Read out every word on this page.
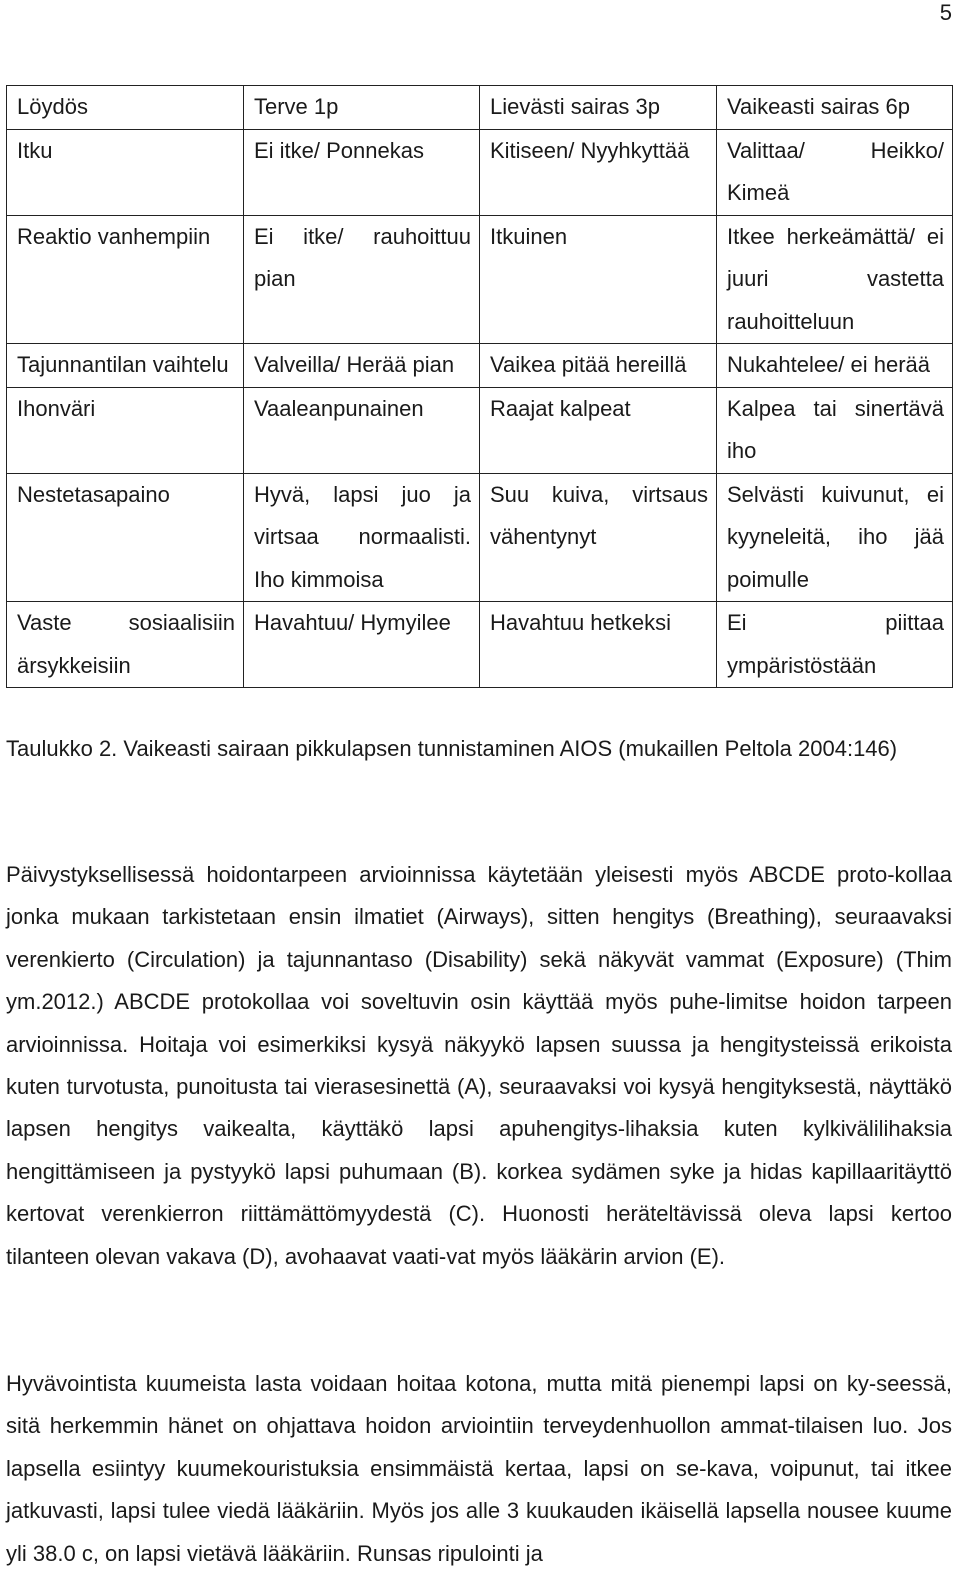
5
Löydös	Terve 1p	Lievästi sairas 3p	Vaikeasti sairas 6p
Itku	Ei itke/ Ponnekas	Kitiseen/ Nyyhkyttää	Valittaa/ Heikko/ Kimeä
Reaktio vanhempiin	Ei itke/ rauhoittuu pian	Itkuinen	Itkee herkeämättä/ ei juuri vastetta rauhoitteluun
Tajunnantilan vaihtelu	Valveilla/ Herää pian	Vaikea pitää hereillä	Nukahtelee/ ei herää
Ihonväri	Vaaleanpunainen	Raajat kalpeat	Kalpea tai sinertävä iho
Nestetasapaino	Hyvä, lapsi juo ja virtsaa normaalisti. Iho kimmoisa	Suu kuiva, virtsaus vähentynyt	Selvästi kuivunut, ei kyyneleitä, iho jää poimulle
Vaste sosiaalisiin ärsykkeisiin	Havahtuu/ Hymyilee	Havahtuu hetkeksi	Ei piittaa ympäristöstään
Taulukko 2. Vaikeasti sairaan pikkulapsen tunnistaminen AIOS (mukaillen Peltola 2004:146)

Päivystyksellisessä hoidontarpeen arvioinnissa käytetään yleisesti myös ABCDE proto-kollaa jonka mukaan tarkistetaan ensin ilmatiet (Airways), sitten hengitys (Breathing), seuraavaksi verenkierto (Circulation) ja tajunnantaso (Disability) sekä näkyvät vammat (Exposure) (Thim ym.2012.) ABCDE protokollaa voi soveltuvin osin käyttää myös puhe-limitse hoidon tarpeen arvioinnissa. Hoitaja voi esimerkiksi kysyä näkyykö lapsen suussa ja hengitysteissä erikoista kuten turvotusta, punoitusta tai vierasesinettä (A), seuraavaksi voi kysyä hengityksestä, näyttäkö lapsen hengitys vaikealta, käyttäkö lapsi apuhengitys-lihaksia kuten kylkivälilihaksia hengittämiseen ja pystyykö lapsi puhumaan (B). korkea sydämen syke ja hidas kapillaaritäyttö kertovat verenkierron riittämättömyydestä (C). Huonosti heräteltävissä oleva lapsi kertoo tilanteen olevan vakava (D), avohaavat vaati-vat myös lääkärin arvion (E).

Hyvävointista kuumeista lasta voidaan hoitaa kotona, mutta mitä pienempi lapsi on ky-seessä, sitä herkemmin hänet on ohjattava hoidon arviointiin terveydenhuollon ammat-tilaisen luo. Jos lapsella esiintyy kuumekouristuksia ensimmäistä kertaa, lapsi on se-kava, voipunut, tai itkee jatkuvasti, lapsi tulee viedä lääkäriin. Myös jos alle 3 kuukauden ikäisellä lapsella nousee kuume yli 38.0 c, on lapsi vietävä lääkäriin. Runsas ripulointi ja
